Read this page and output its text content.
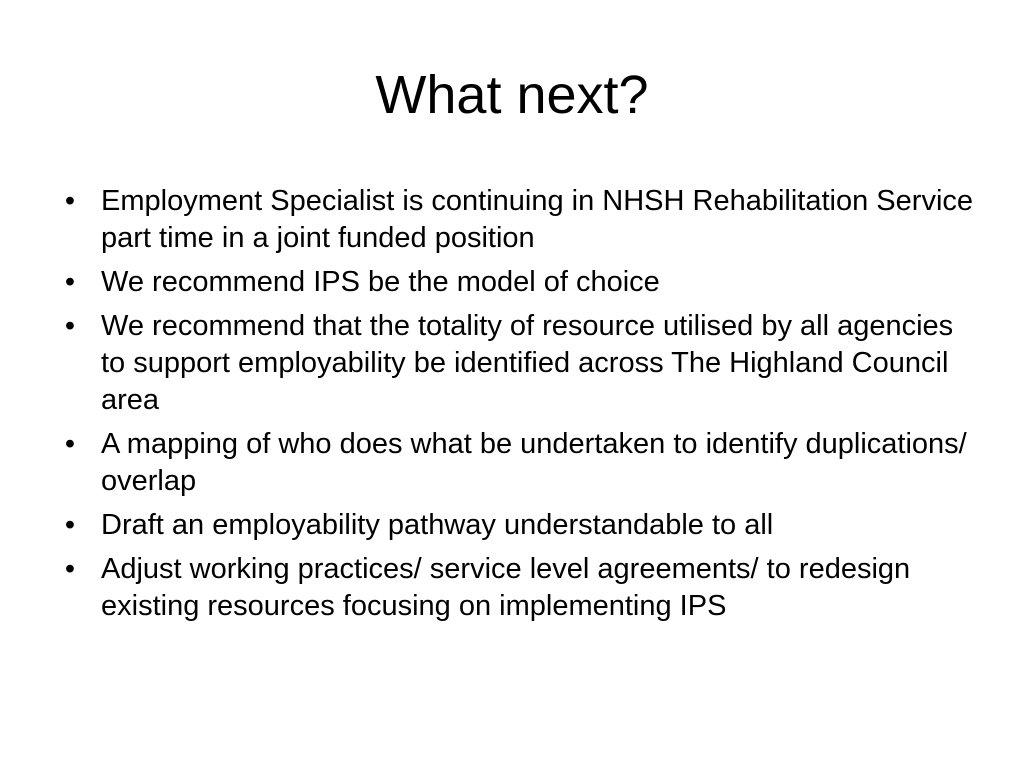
What next?
• Employment Specialist is continuing in NHSH Rehabilitation Service part time in a joint funded position
• We recommend IPS be the model of choice
• We recommend that the totality of resource utilised by all agencies to support employability be identified across The Highland Council area
• A mapping of who does what be undertaken to identify duplications/ overlap
• Draft an employability pathway understandable to all
• Adjust working practices/ service level agreements/ to redesign existing resources focusing on implementing IPS
